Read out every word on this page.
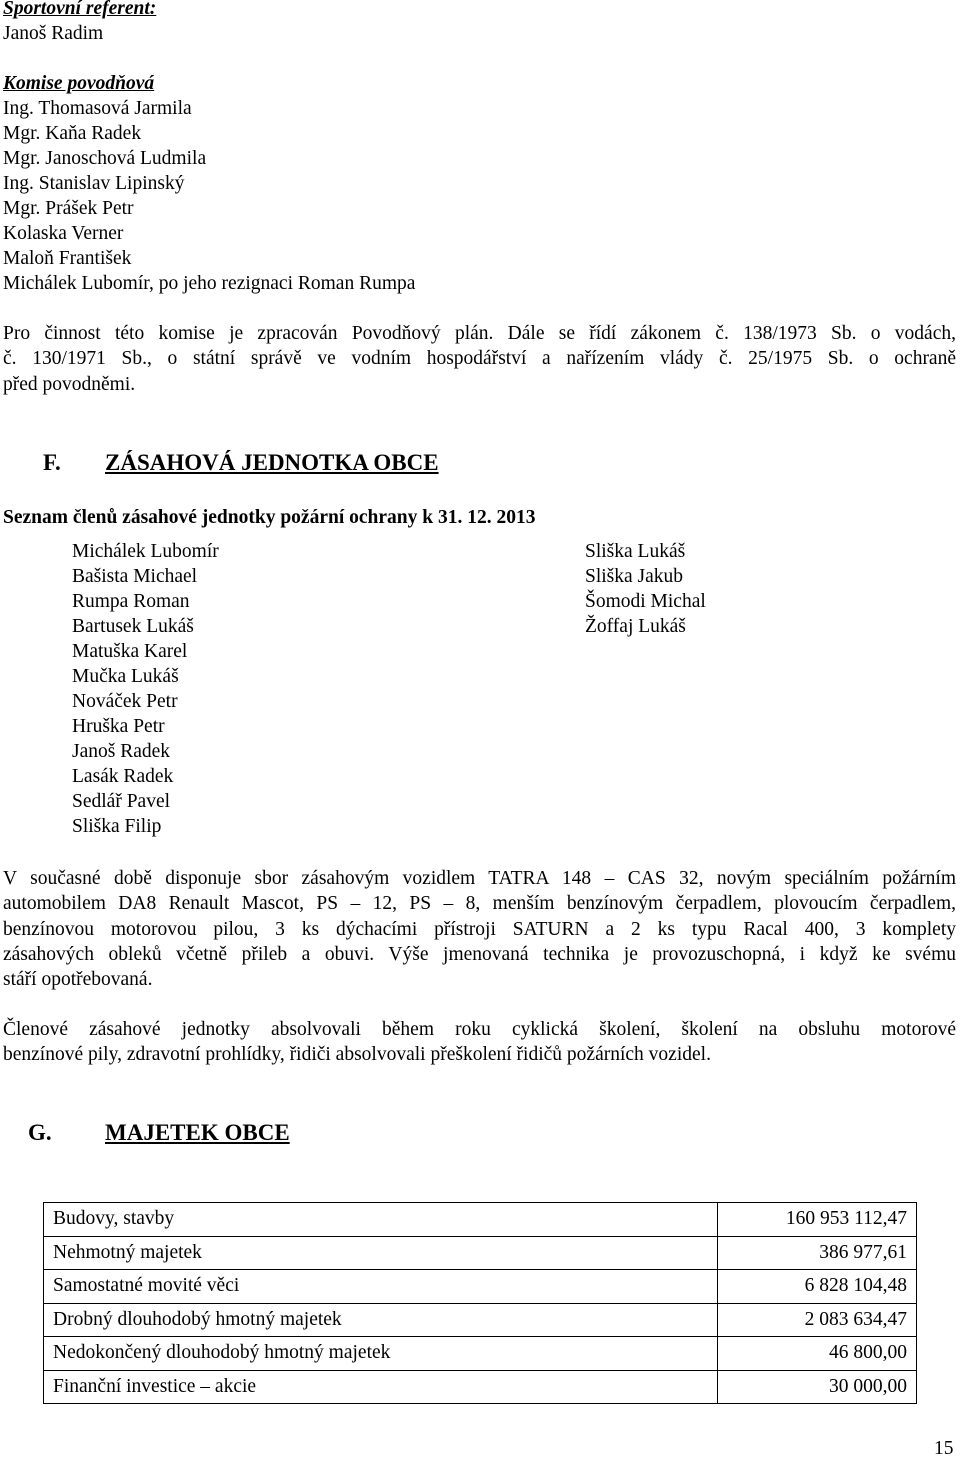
Sportovní referent:
Janoš Radim
Komise povodňová
Ing. Thomasová Jarmila
Mgr. Kaňa Radek
Mgr. Janoschová Ludmila
Ing. Stanislav Lipinský
Mgr. Prášek Petr
Kolaska Verner
Maloň František
Michálek Lubomír, po jeho rezignaci Roman Rumpa
Pro činnost této komise je zpracován Povodňový plán. Dále se řídí zákonem č. 138/1973 Sb. o vodách,
č. 130/1971 Sb., o státní správě ve vodním hospodářství a nařízením vlády č. 25/1975 Sb. o ochraně
před povodněmi.
F. ZÁSAHOVÁ JEDNOTKA OBCE
Seznam členů zásahové jednotky požární ochrany k 31. 12. 2013
Michálek Lubomír
Bašista Michael
Rumpa Roman
Bartusek Lukáš
Matuška Karel
Mučka Lukáš
Nováček Petr
Hruška Petr
Janoš Radek
Lasák Radek
Sedlář Pavel
Sliška Filip
Sliška Lukáš
Sliška Jakub
Šomodi Michal
Žoffaj Lukáš
V současné době disponuje sbor zásahovým vozidlem TATRA 148 – CAS 32, novým speciálním požárním
automobilem DA8 Renault Mascot, PS – 12, PS – 8, menším benzínovým čerpadlem, plovoucím čerpadlem,
benzínovou motorovou pilou, 3 ks dýchacími přístroji SATURN a 2 ks typu Racal 400, 3 komplety
zásahových obleků včetně přileb a obuvi. Výše jmenovaná technika je provozuschopná, i když ke svému
stáří opotřebovaná.
Členové zásahové jednotky absolvovali během roku cyklická školení, školení na obsluhu motorové
benzínové pily, zdravotní prohlídky, řidiči absolvovali přeškolení řidičů požárních vozidel.
G. MAJETEK OBCE
Budovy, stavby	160 953 112,47
Nehmotný majetek	386 977,61
Samostatné movité věci	6 828 104,48
Drobný dlouhodobý hmotný majetek	2 083 634,47
Nedokončený dlouhodobý hmotný majetek	46 800,00
Finanční investice – akcie	30 000,00
15
